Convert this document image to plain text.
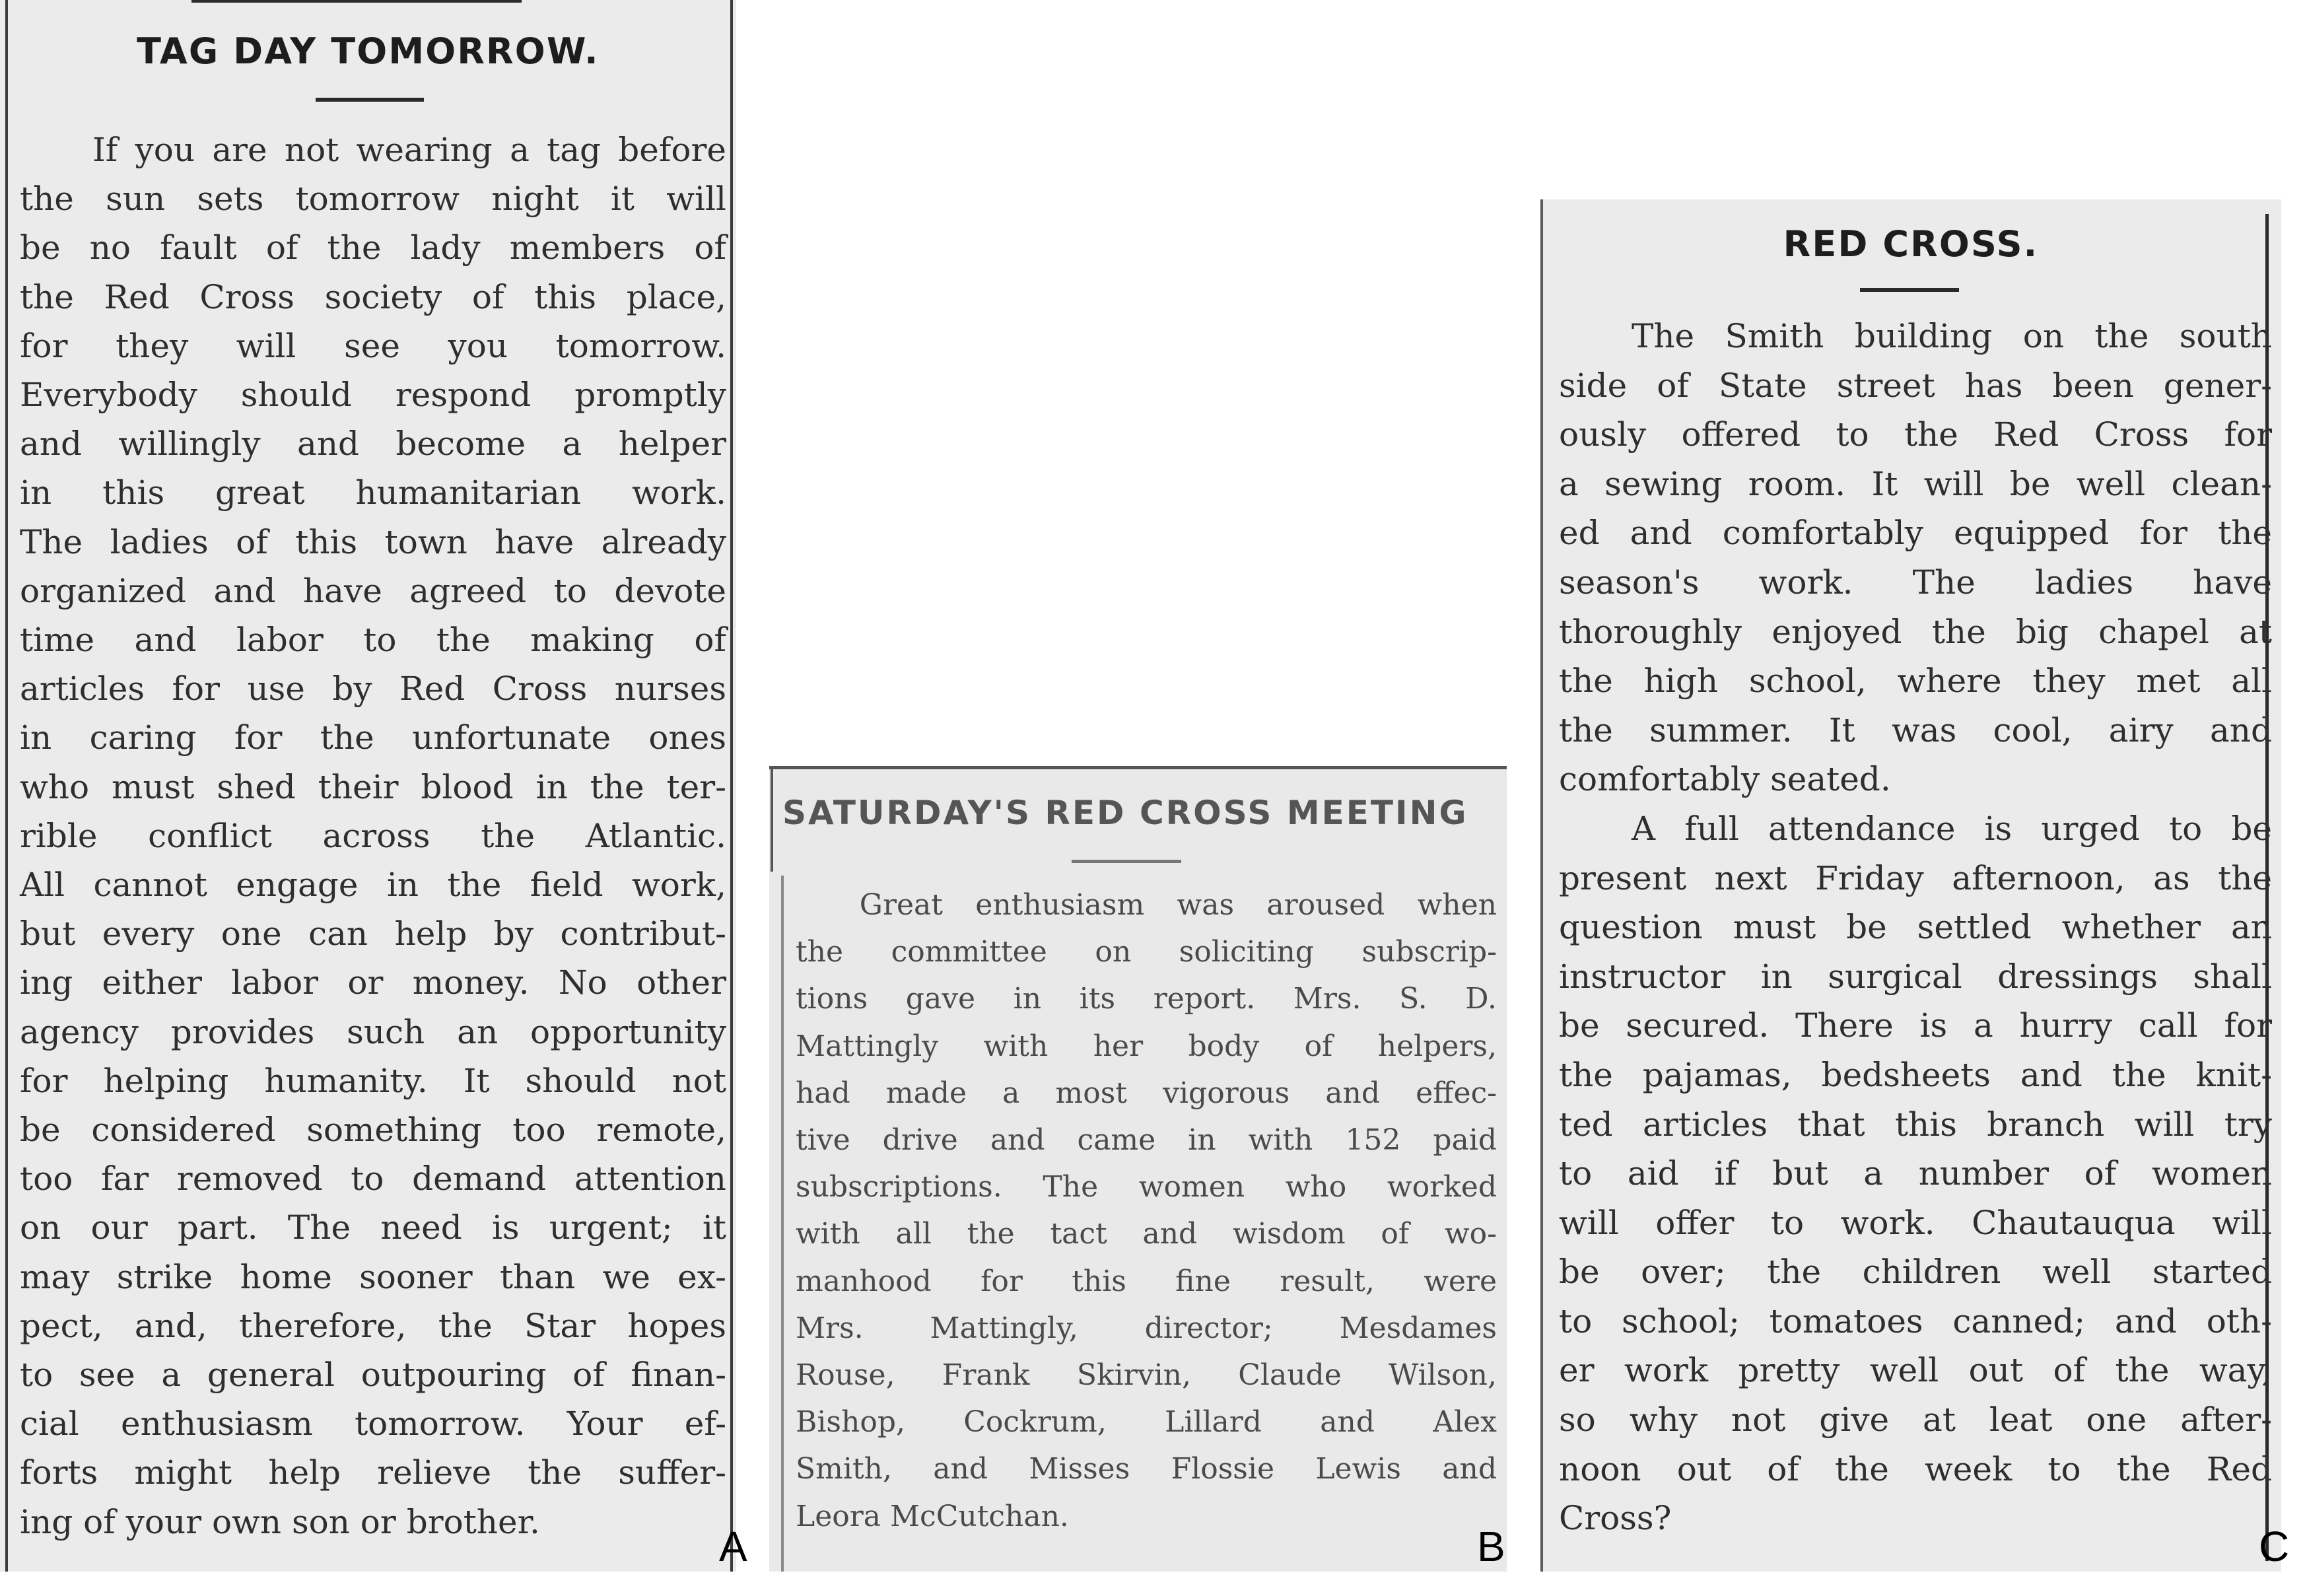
TAG DAY TOMORROW.
If you are not wearing a tag before
the sun sets tomorrow night it will
be no fault of the lady members of
the Red Cross society of this place,
for they will see you tomorrow.
Everybody should respond promptly
and willingly and become a helper
in this great humanitarian work.
The ladies of this town have already
organized and have agreed to devote
time and labor to the making of
articles for use by Red Cross nurses
in caring for the unfortunate ones
who must shed their blood in the ter-
rible conflict across the Atlantic.
All cannot engage in the field work,
but every one can help by contribut-
ing either labor or money. No other
agency provides such an opportunity
for helping humanity. It should not
be considered something too remote,
too far removed to demand attention
on our part. The need is urgent; it
may strike home sooner than we ex-
pect, and, therefore, the Star hopes
to see a general outpouring of finan-
cial enthusiasm tomorrow. Your ef-
forts might help relieve the suffer-
ing of your own son or brother.
A
SATURDAY'S RED CROSS MEETING
Great enthusiasm was aroused when
the committee on soliciting subscrip-
tions gave in its report. Mrs. S. D.
Mattingly with her body of helpers,
had made a most vigorous and effec-
tive drive and came in with 152 paid
subscriptions. The women who worked
with all the tact and wisdom of wo-
manhood for this fine result, were
Mrs. Mattingly, director; Mesdames
Rouse, Frank Skirvin, Claude Wilson,
Bishop, Cockrum, Lillard and Alex
Smith, and Misses Flossie Lewis and
Leora McCutchan.
B
RED CROSS.
The Smith building on the south
side of State street has been gener-
ously offered to the Red Cross for
a sewing room. It will be well clean-
ed and comfortably equipped for the
season's work. The ladies have
thoroughly enjoyed the big chapel at
the high school, where they met all
the summer. It was cool, airy and
comfortably seated.
A full attendance is urged to be
present next Friday afternoon, as the
question must be settled whether an
instructor in surgical dressings shall
be secured. There is a hurry call for
the pajamas, bedsheets and the knit-
ted articles that this branch will try
to aid if but a number of women
will offer to work. Chautauqua will
be over; the children well started
to school; tomatoes canned; and oth-
er work pretty well out of the way,
so why not give at leat one after-
noon out of the week to the Red
Cross?
C
